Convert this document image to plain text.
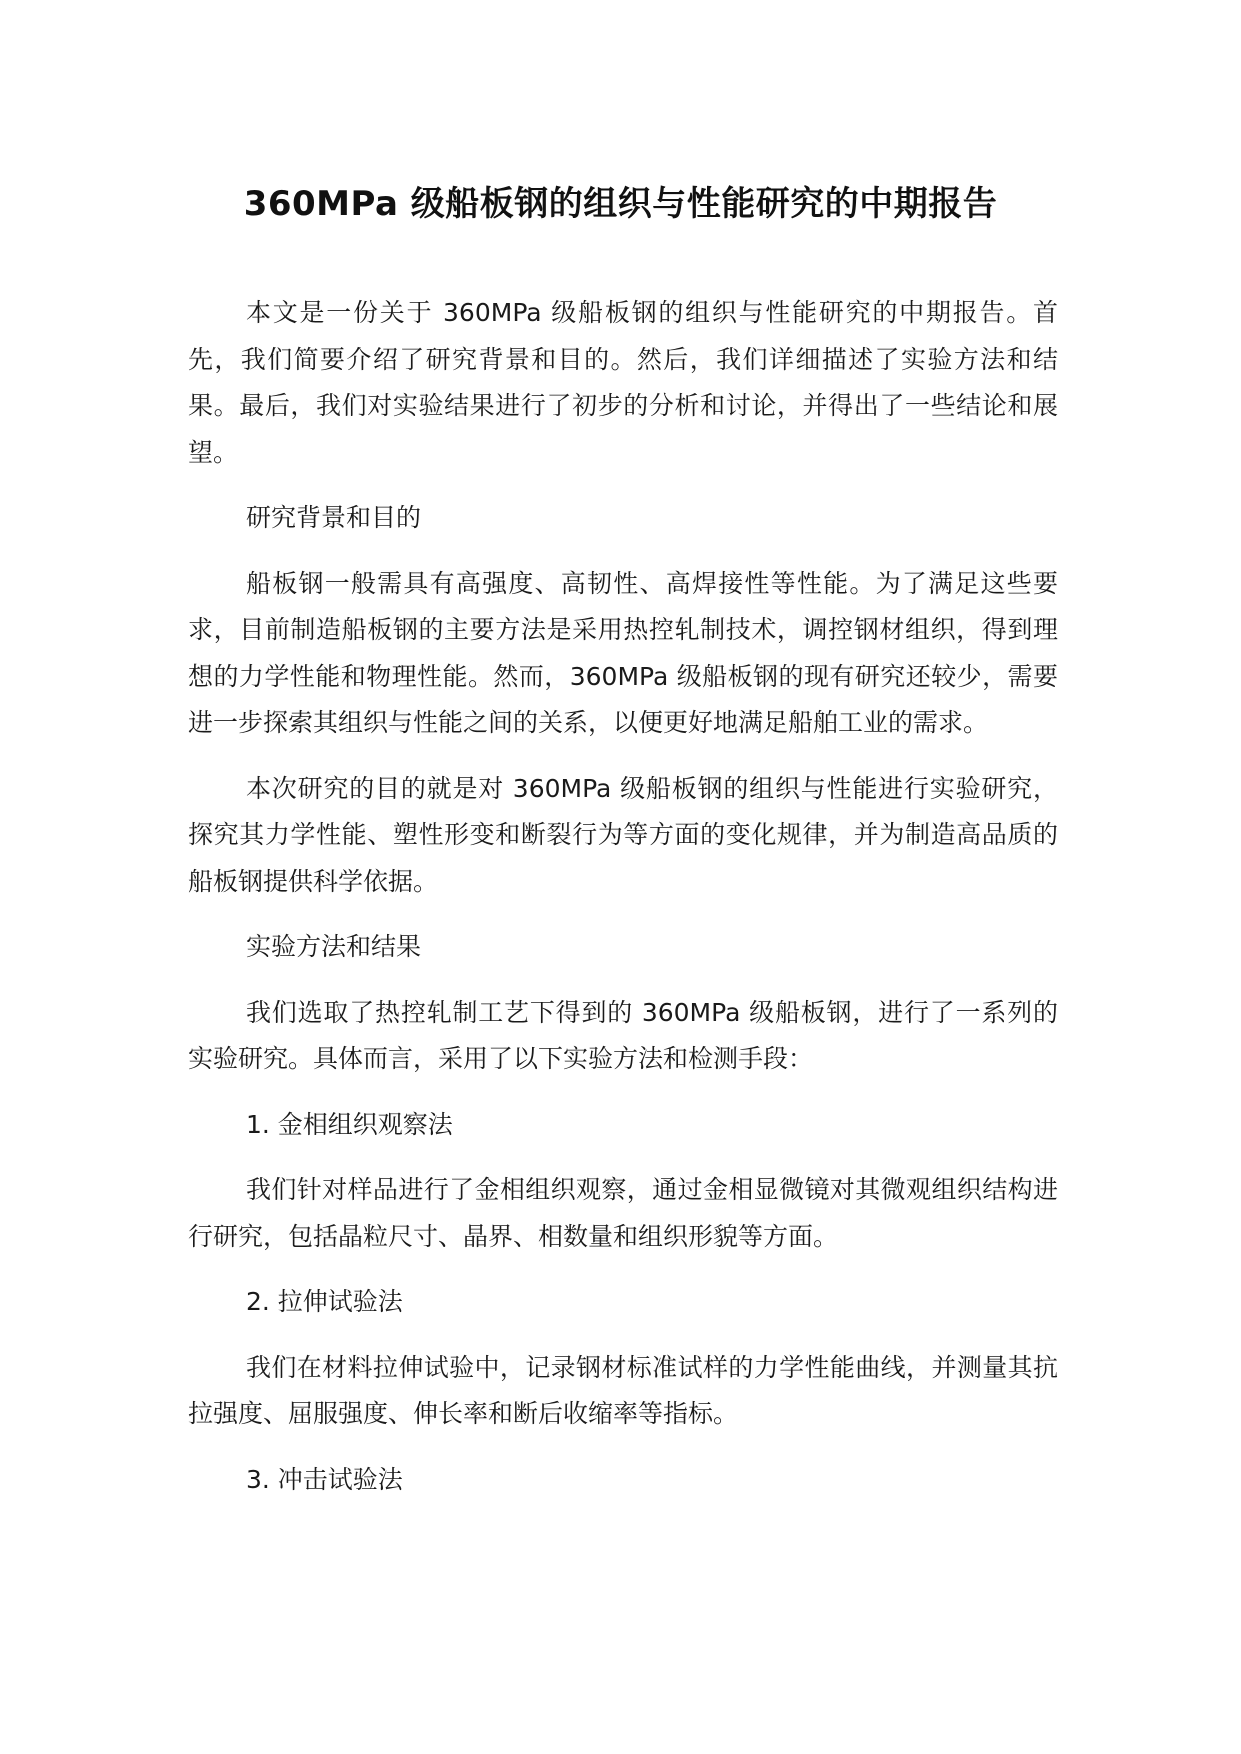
360MPa 级船板钢的组织与性能研究的中期报告

本文是一份关于 360MPa 级船板钢的组织与性能研究的中期报告。首先，我们简要介绍了研究背景和目的。然后，我们详细描述了实验方法和结果。最后，我们对实验结果进行了初步的分析和讨论，并得出了一些结论和展望。

研究背景和目的

船板钢一般需具有高强度、高韧性、高焊接性等性能。为了满足这些要求，目前制造船板钢的主要方法是采用热控轧制技术，调控钢材组织，得到理想的力学性能和物理性能。然而，360MPa 级船板钢的现有研究还较少，需要进一步探索其组织与性能之间的关系，以便更好地满足船舶工业的需求。

本次研究的目的就是对 360MPa 级船板钢的组织与性能进行实验研究，探究其力学性能、塑性形变和断裂行为等方面的变化规律，并为制造高品质的船板钢提供科学依据。

实验方法和结果

我们选取了热控轧制工艺下得到的 360MPa 级船板钢，进行了一系列的实验研究。具体而言，采用了以下实验方法和检测手段：

1. 金相组织观察法

我们针对样品进行了金相组织观察，通过金相显微镜对其微观组织结构进行研究，包括晶粒尺寸、晶界、相数量和组织形貌等方面。

2. 拉伸试验法

我们在材料拉伸试验中，记录钢材标准试样的力学性能曲线，并测量其抗拉强度、屈服强度、伸长率和断后收缩率等指标。

3. 冲击试验法
